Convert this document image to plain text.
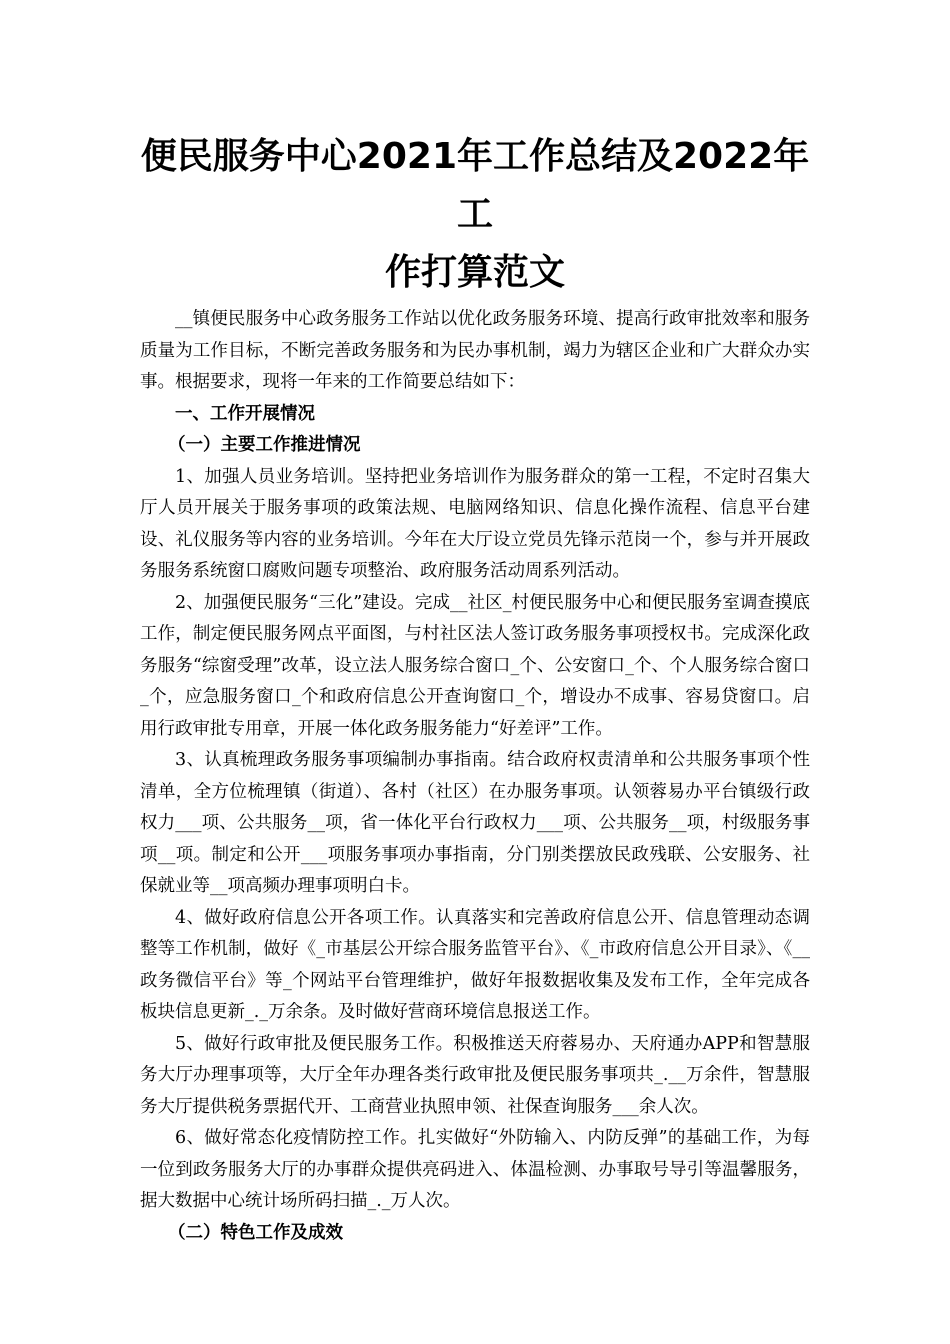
便民服务中心2021年工作总结及2022年工
作打算范文

__镇便民服务中心政务服务工作站以优化政务服务环境、提高行政审批效率和服务质量为工作目标，不断完善政务服务和为民办事机制，竭力为辖区企业和广大群众办实事。根据要求，现将一年来的工作简要总结如下：

一、工作开展情况

（一）主要工作推进情况

1、加强人员业务培训。坚持把业务培训作为服务群众的第一工程，不定时召集大厅人员开展关于服务事项的政策法规、电脑网络知识、信息化操作流程、信息平台建设、礼仪服务等内容的业务培训。今年在大厅设立党员先锋示范岗一个，参与并开展政务服务系统窗口腐败问题专项整治、政府服务活动周系列活动。

2、加强便民服务“三化”建设。完成__社区_村便民服务中心和便民服务室调查摸底工作，制定便民服务网点平面图，与村社区法人签订政务服务事项授权书。完成深化政务服务“综窗受理”改革，设立法人服务综合窗口_个、公安窗口_个、个人服务综合窗口_个，应急服务窗口_个和政府信息公开查询窗口_个，增设办不成事、容易贷窗口。启用行政审批专用章，开展一体化政务服务能力“好差评”工作。

3、认真梳理政务服务事项编制办事指南。结合政府权责清单和公共服务事项个性清单，全方位梳理镇（街道）、各村（社区）在办服务事项。认领蓉易办平台镇级行政权力___项、公共服务__项，省一体化平台行政权力___项、公共服务__项，村级服务事项__项。制定和公开___项服务事项办事指南，分门别类摆放民政残联、公安服务、社保就业等__项高频办理事项明白卡。

4、做好政府信息公开各项工作。认真落实和完善政府信息公开、信息管理动态调整等工作机制，做好《_市基层公开综合服务监管平台》、《_市政府信息公开目录》、《__政务微信平台》等_个网站平台管理维护，做好年报数据收集及发布工作，全年完成各板块信息更新_._万余条。及时做好营商环境信息报送工作。

5、做好行政审批及便民服务工作。积极推送天府蓉易办、天府通办APP和智慧服务大厅办理事项等，大厅全年办理各类行政审批及便民服务事项共_.__万余件，智慧服务大厅提供税务票据代开、工商营业执照申领、社保查询服务___余人次。

6、做好常态化疫情防控工作。扎实做好“外防输入、内防反弹”的基础工作，为每一位到政务服务大厅的办事群众提供亮码进入、体温检测、办事取号导引等温馨服务，据大数据中心统计场所码扫描_._万人次。

（二）特色工作及成效
